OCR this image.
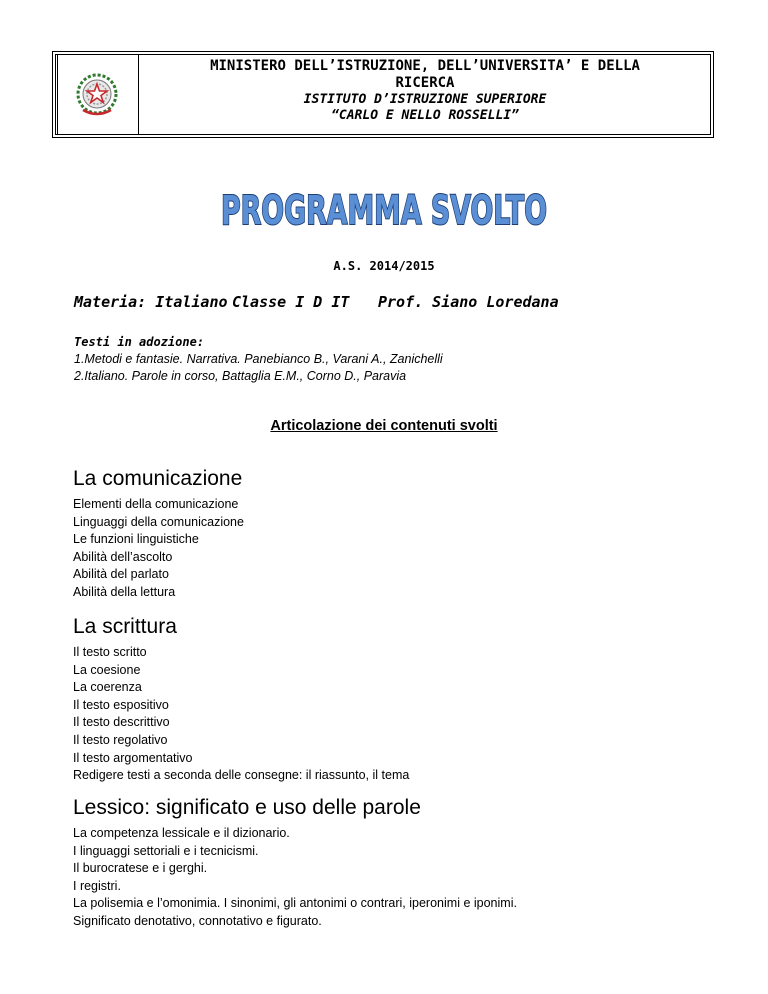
MINISTERO DELL’ISTRUZIONE, DELL’UNIVERSITA’ E DELLA
RICERCA
ISTITUTO D’ISTRUZIONE SUPERIORE
“CARLO E NELLO ROSSELLI”
PROGRAMMA SVOLTO
A.S. 2014/2015
Materia: Italiano Classe I D IT Prof. Siano Loredana
Testi in adozione:
1.Metodi e fantasie. Narrativa. Panebianco B., Varani A., Zanichelli
2.Italiano. Parole in corso, Battaglia E.M., Corno D., Paravia
Articolazione dei contenuti svolti
La comunicazione
Elementi della comunicazione
Linguaggi della comunicazione
Le funzioni linguistiche
Abilità dell’ascolto
Abilità del parlato
Abilità della lettura
La scrittura
Il testo scritto
La coesione
La coerenza
Il testo espositivo
Il testo descrittivo
Il testo regolativo
Il testo argomentativo
Redigere testi a seconda delle consegne: il riassunto, il tema
Lessico: significato e uso delle parole
La competenza lessicale e il dizionario.
I linguaggi settoriali e i tecnicismi.
Il burocratese e i gerghi.
I registri.
La polisemia e l’omonimia. I sinonimi, gli antonimi o contrari, iperonimi e iponimi.
Significato denotativo, connotativo e figurato.
